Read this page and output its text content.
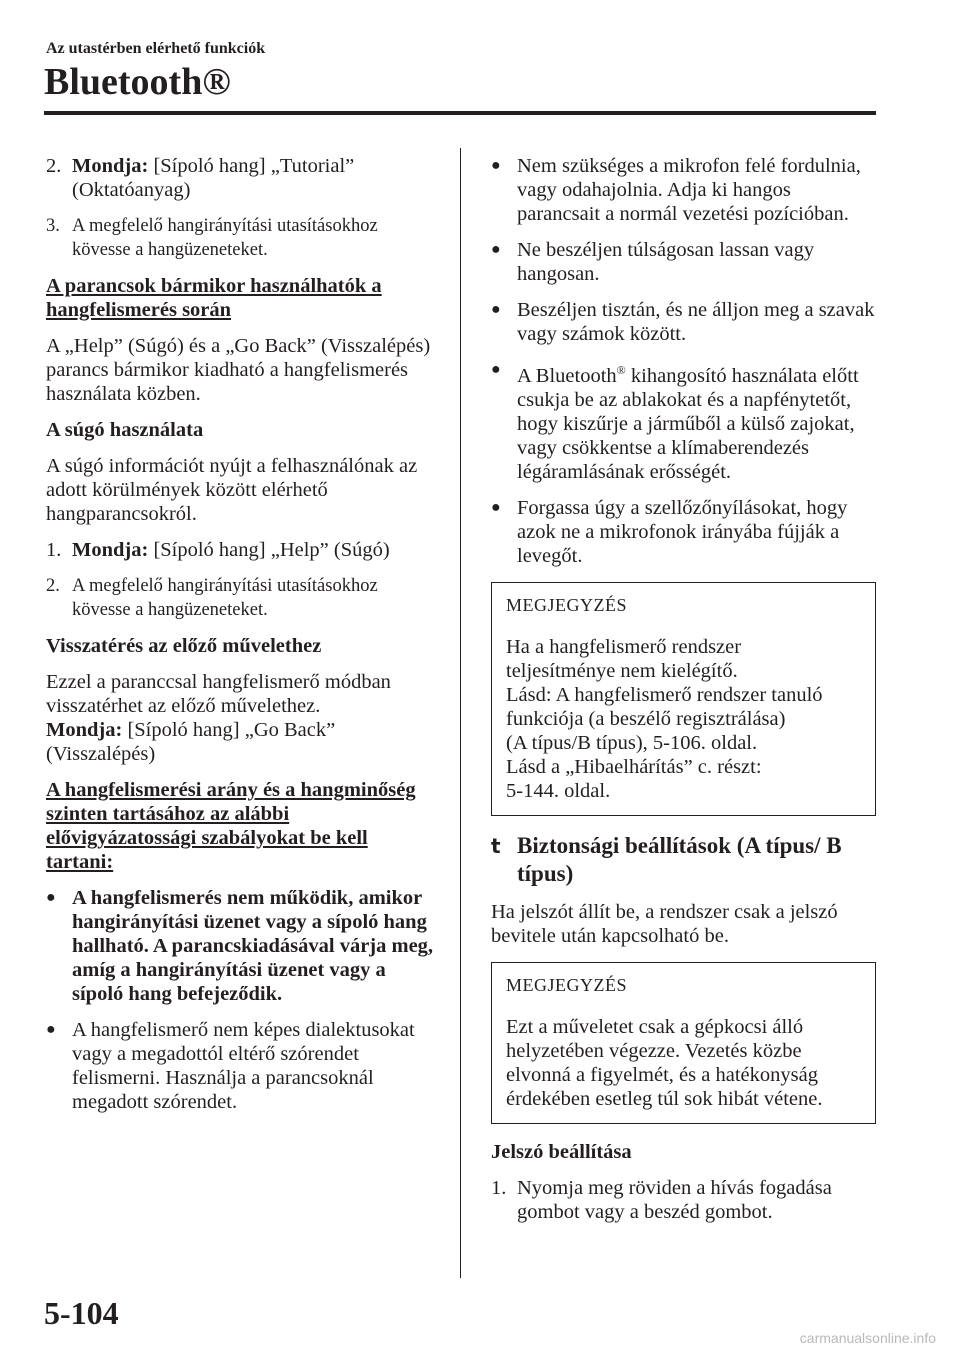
Az utastérben elérhető funkciók
Bluetooth®
2. Mondja: [Sípoló hang] „Tutorial” (Oktatóanyag)
3. A megfelelő hangirányítási utasításokhoz kövesse a hangüzeneteket.
A parancsok bármikor használhatók a hangfelismerés során

A „Help” (Súgó) és a „Go Back” (Visszalépés) parancs bármikor kiadható a hangfelismerés használata közben.

A súgó használata

A súgó információt nyújt a felhasználónak az adott körülmények között elérhető hangparancsokról.

1. Mondja: [Sípoló hang] „Help” (Súgó)
2. A megfelelő hangirányítási utasításokhoz kövesse a hangüzeneteket.
Visszatérés az előző művelethez

Ezzel a paranccsal hangfelismerő módban visszatérhet az előző művelethez.
Mondja: [Sípoló hang] „Go Back” (Visszalépés)

A hangfelismerési arány és a hangminőség szinten tartásához az alábbi elővigyázatossági szabályokat be kell tartani:
● A hangfelismerés nem működik, amikor hangirányítási üzenet vagy a sípoló hang hallható. A parancskiadásával várja meg, amíg a hangirányítási üzenet vagy a sípoló hang befejeződik.
● A hangfelismerő nem képes dialektusokat vagy a megadottól eltérő szórendet felismerni. Használja a parancsoknál megadott szórendet.
● Nem szükséges a mikrofon felé fordulnia, vagy odahajolnia. Adja ki hangos parancsait a normál vezetési pozícióban.
● Ne beszéljen túlságosan lassan vagy hangosan.
● Beszéljen tisztán, és ne álljon meg a szavak vagy számok között.
● A Bluetooth® kihangosító használata előtt csukja be az ablakokat és a napfénytetőt, hogy kiszűrje a járműből a külső zajokat, vagy csökkentse a klímaberendezés légáramlásának erősségét.
● Forgassa úgy a szellőzőnyílásokat, hogy azok ne a mikrofonok irányába fújják a levegőt.
MEGJEGYZÉS
Ha a hangfelismerő rendszer
teljesítménye nem kielégítő.
Lásd: A hangfelismerő rendszer tanuló
funkciója (a beszélő regisztrálása)
(A típus/B típus), 5-106. oldal.
Lásd a „Hibaelhárítás” c. részt:
5-144. oldal.
t Biztonsági beállítások (A típus/ B típus)

Ha jelszót állít be, a rendszer csak a jelszó bevitele után kapcsolható be.

MEGJEGYZÉS
Ezt a műveletet csak a gépkocsi álló helyzetében végezze. Vezetés közbe elvonná a figyelmét, és a hatékonyság érdekében esetleg túl sok hibát vétene.
Jelszó beállítása
1. Nyomja meg röviden a hívás fogadása gombot vagy a beszéd gombot.
5-104
carmanualsonline.info
